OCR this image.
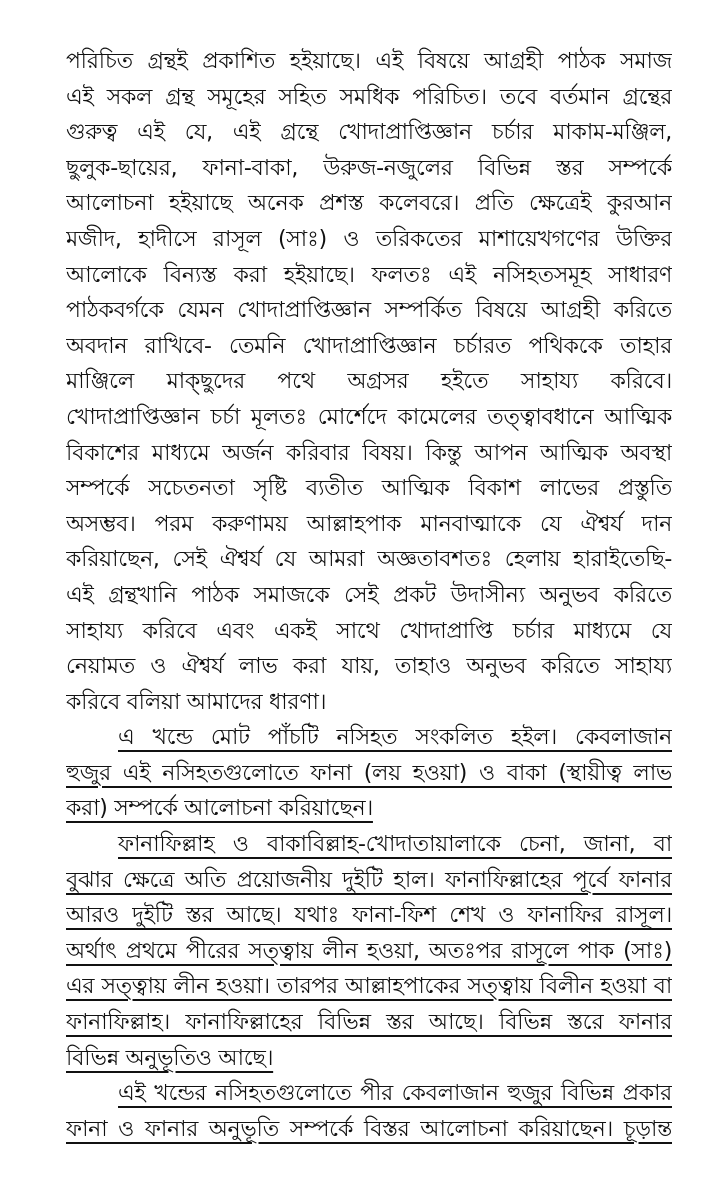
পরিচিত গ্রন্থই প্রকাশিত হইয়াছে। এই বিষয়ে আগ্রহী পাঠক সমাজ
এই সকল গ্রন্থ সমূহের সহিত সমধিক পরিচিত। তবে বর্তমান গ্রন্থের
গুরুত্ব এই যে, এই গ্রন্থে খোদাপ্রাপ্তিজ্ঞান চর্চার মাকাম-মঞ্জিল,
ছুলুক-ছায়ের, ফানা-বাকা, উরুজ-নজুলের বিভিন্ন স্তর সম্পর্কে
আলোচনা হইয়াছে অনেক প্রশস্ত কলেবরে। প্রতি ক্ষেত্রেই কুরআন
মজীদ, হাদীসে রাসূল (সাঃ) ও তরিকতের মাশায়েখগণের উক্তির
আলোকে বিন্যস্ত করা হইয়াছে। ফলতঃ এই নসিহতসমূহ সাধারণ
পাঠকবর্গকে যেমন খোদাপ্রাপ্তিজ্ঞান সম্পর্কিত বিষয়ে আগ্রহী করিতে
অবদান রাখিবে- তেমনি খোদাপ্রাপ্তিজ্ঞান চর্চারত পথিককে তাহার
মাঞ্জিলে মাক্ছুদের পথে অগ্রসর হইতে সাহায্য করিবে।
খোদাপ্রাপ্তিজ্ঞান চর্চা মূলতঃ মোর্শেদে কামেলের তত্ত্বাবধানে আত্মিক
বিকাশের মাধ্যমে অর্জন করিবার বিষয়। কিন্তু আপন আত্মিক অবস্থা
সম্পর্কে সচেতনতা সৃষ্টি ব্যতীত আত্মিক বিকাশ লাভের প্রস্তুতি
অসম্ভব। পরম করুণাময় আল্লাহপাক মানবাত্মাকে যে ঐশ্বর্য দান
করিয়াছেন, সেই ঐশ্বর্য যে আমরা অজ্ঞতাবশতঃ হেলায় হারাইতেছি-
এই গ্রন্থখানি পাঠক সমাজকে সেই প্রকট উদাসীন্য অনুভব করিতে
সাহায্য করিবে এবং একই সাথে খোদাপ্রাপ্তি চর্চার মাধ্যমে যে
নেয়ামত ও ঐশ্বর্য লাভ করা যায়, তাহাও অনুভব করিতে সাহায্য
করিবে বলিয়া আমাদের ধারণা।
এ খন্ডে মোট পাঁচটি নসিহত সংকলিত হইল। কেবলাজান
হুজুর এই নসিহতগুলোতে ফানা (লয় হওয়া) ও বাকা (স্থায়ীত্ব লাভ
করা) সম্পর্কে আলোচনা করিয়াছেন।
ফানাফিল্লাহ ও বাকাবিল্লাহ-খোদাতায়ালাকে চেনা, জানা, বা
বুঝার ক্ষেত্রে অতি প্রয়োজনীয় দুইটি হাল। ফানাফিল্লাহের পূর্বে ফানার
আরও দুইটি স্তর আছে। যথাঃ ফানা-ফিশ শেখ ও ফানাফির রাসূল।
অর্থাৎ প্রথমে পীরের সত্ত্বায় লীন হওয়া, অতঃপর রাসূলে পাক (সাঃ)
এর সত্ত্বায় লীন হওয়া। তারপর আল্লাহপাকের সত্ত্বায় বিলীন হওয়া বা
ফানাফিল্লাহ। ফানাফিল্লাহের বিভিন্ন স্তর আছে। বিভিন্ন স্তরে ফানার
বিভিন্ন অনুভূতিও আছে।
এই খন্ডের নসিহতগুলোতে পীর কেবলাজান হুজুর বিভিন্ন প্রকার
ফানা ও ফানার অনুভূতি সম্পর্কে বিস্তর আলোচনা করিয়াছেন। চূড়ান্ত
